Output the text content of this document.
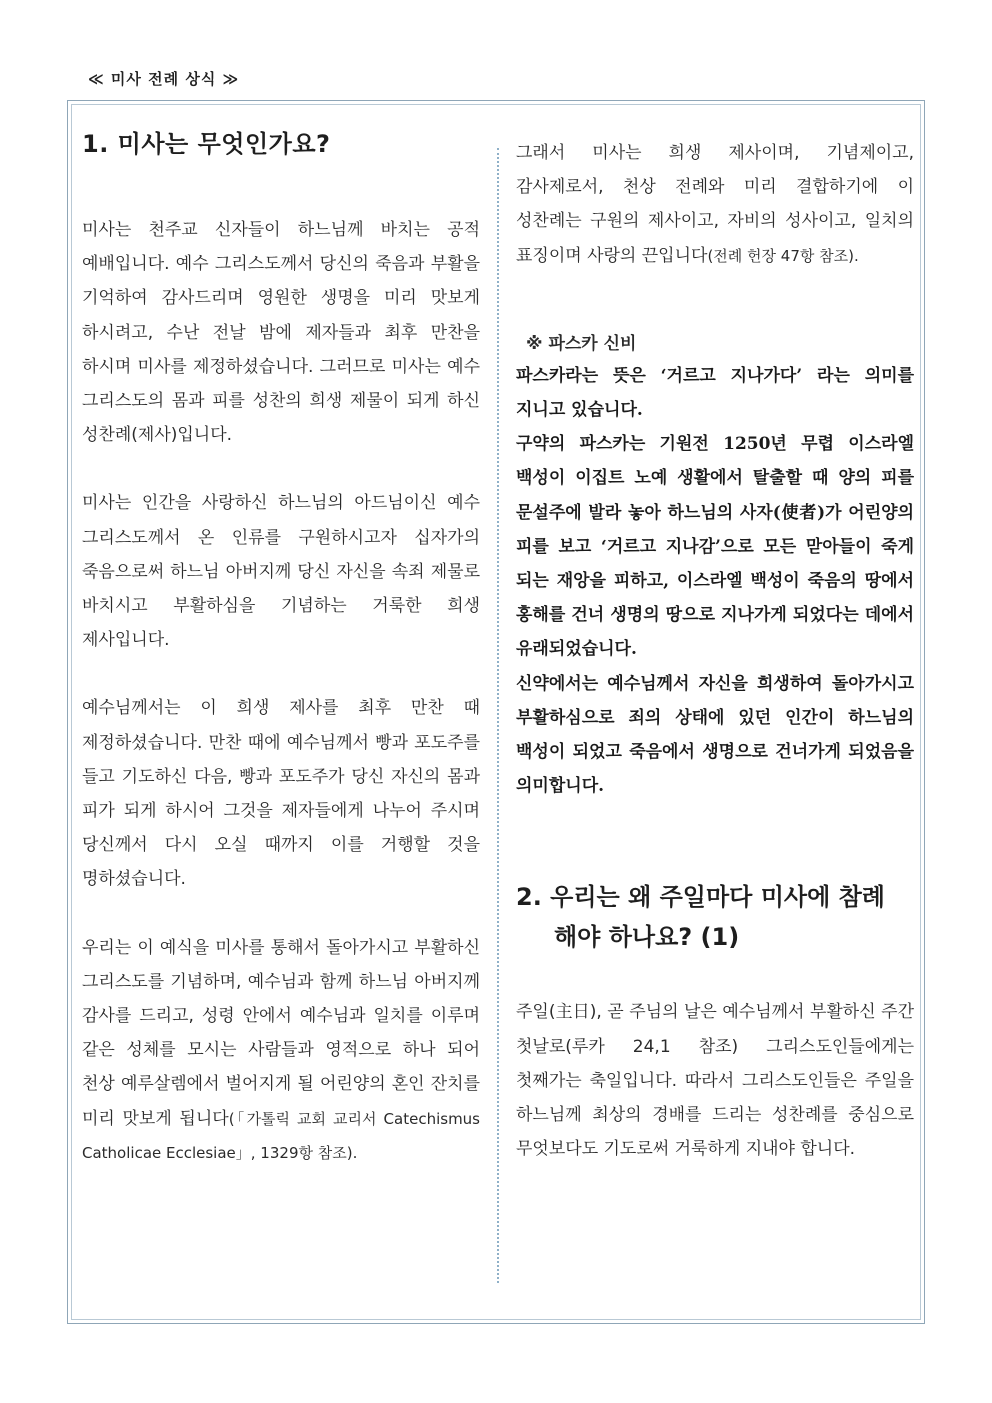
≪ 미사 전례 상식 ≫
1. 미사는 무엇인가요?

미사는 천주교 신자들이 하느님께 바치는 공적 예배입니다. 예수 그리스도께서 당신의 죽음과 부활을 기억하여 감사드리며 영원한 생명을 미리 맛보게 하시려고, 수난 전날 밤에 제자들과 최후 만찬을 하시며 미사를 제정하셨습니다. 그러므로 미사는 예수 그리스도의 몸과 피를 성찬의 희생 제물이 되게 하신 성찬례(제사)입니다.

미사는 인간을 사랑하신 하느님의 아드님이신 예수 그리스도께서 온 인류를 구원하시고자 십자가의 죽음으로써 하느님 아버지께 당신 자신을 속죄 제물로 바치시고 부활하심을 기념하는 거룩한 희생 제사입니다.

예수님께서는 이 희생 제사를 최후 만찬 때 제정하셨습니다. 만찬 때에 예수님께서 빵과 포도주를 들고 기도하신 다음, 빵과 포도주가 당신 자신의 몸과 피가 되게 하시어 그것을 제자들에게 나누어 주시며 당신께서 다시 오실 때까지 이를 거행할 것을 명하셨습니다.

우리는 이 예식을 미사를 통해서 돌아가시고 부활하신 그리스도를 기념하며, 예수님과 함께 하느님 아버지께 감사를 드리고, 성령 안에서 예수님과 일치를 이루며 같은 성체를 모시는 사람들과 영적으로 하나 되어 천상 예루살렘에서 벌어지게 될 어린양의 혼인 잔치를 미리 맛보게 됩니다(「가톨릭 교회 교리서 Catechismus Catholicae Ecclesiae」, 1329항 참조).

그래서 미사는 희생 제사이며, 기념제이고, 감사제로서, 천상 전례와 미리 결합하기에 이 성찬례는 구원의 제사이고, 자비의 성사이고, 일치의 표징이며 사랑의 끈입니다(전례 헌장 47항 참조).

※ 파스카 신비

파스카라는 뜻은 ‘거르고 지나가다’ 라는 의미를 지니고 있습니다.

구약의 파스카는 기원전 1250년 무렵 이스라엘 백성이 이집트 노예 생활에서 탈출할 때 양의 피를 문설주에 발라 놓아 하느님의 사자(使者)가 어린양의 피를 보고 ‘거르고 지나감’으로 모든 맏아들이 죽게 되는 재앙을 피하고, 이스라엘 백성이 죽음의 땅에서 홍해를 건너 생명의 땅으로 지나가게 되었다는 데에서 유래되었습니다.

신약에서는 예수님께서 자신을 희생하여 돌아가시고 부활하심으로 죄의 상태에 있던 인간이 하느님의 백성이 되었고 죽음에서 생명으로 건너가게 되었음을 의미합니다.

2. 우리는 왜 주일마다 미사에 참례
해야 하나요? (1)

주일(主日), 곧 주님의 날은 예수님께서 부활하신 주간 첫날로(루카 24,1 참조) 그리스도인들에게는 첫째가는 축일입니다. 따라서 그리스도인들은 주일을 하느님께 최상의 경배를 드리는 성찬례를 중심으로 무엇보다도 기도로써 거룩하게 지내야 합니다.
